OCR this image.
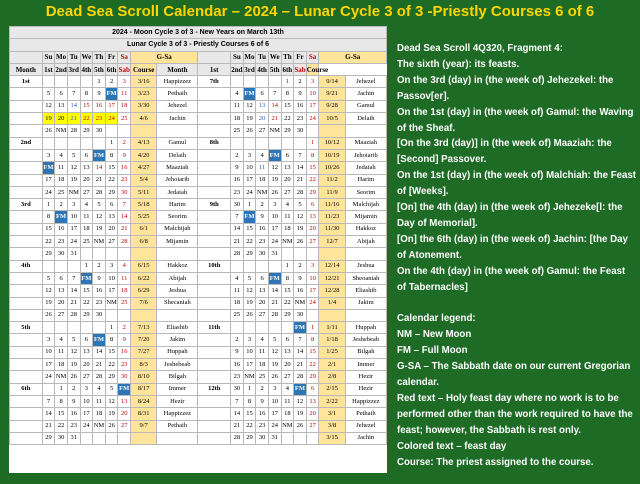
Dead Sea Scroll Calendar – 2024 – Lunar Cycle 3 of 3 -Priestly Courses 6 of 6
2024 - Moon Cycle 3 of 3 - New Years on March 13th																			
Lunar Cycle 3 of 3 - Priestly Courses 6 of 6																			
	Su	Mo	Tu	We	Th	Fr	Sa	G-Sa			Su	Mo	Tu	We	Th	Fr	Sa	G-Sa	
Month	1st	2nd	3rd	4th	5th	6th	Sab	Course	Month	1st	2nd	3rd	4th	5th	6th	Sab	Course		
1st					1	2	3	3/16	Happizzez	7th					1	2	3	9/14	Jehezel
	5	6	7	8	9	FM	11	3/23	Pethaih		4	FM	6	7	8	9	10	9/21	Jachin
	12	13	14	15	16	17	18	3/30	Jehezel		11	12	13	14	15	16	17	9/28	Gamul
	19	20	21	22	23	24	25	4/6	Jachin		18	19	20	21	22	23	24	10/5	Delaih
	26	NM	28	29	30						25	26	27	NM	29	30			
2nd						1	2	4/13	Gamul	8th							1	10/12	Maaziah
	3	4	5	6	FM	8	9	4/20	Delaih		2	3	4	FM	6	7	8	10/19	Jehoiarib
	FM	11	12	13	14	15	16	4/27	Maaziah		9	10	11	12	13	14	15	10/26	Jedaiah
	17	18	19	20	21	22	23	5/4	Jehoiarib		16	17	18	19	20	21	22	11/2	Harim
	24	25	NM	27	28	29	30	5/11	Jedaiah		23	24	NM	26	27	28	29	11/9	Seorim
3rd	1	2	3	4	5	6	7	5/18	Harim	9th	30	1	2	3	4	5	6	11/16	Malchijah
	8	FM	10	11	12	13	14	5/25	Seorim		7	FM	9	10	11	12	13	11/23	Mijamin
	15	16	17	18	19	20	21	6/1	Malchijah		14	15	16	17	18	19	20	11/30	Hakkoz
	22	23	24	25	NM	27	28	6/8	Mijamin		21	22	23	24	NM	26	27	12/7	Abijah
	29	30	31								28	29	30	31					
4th				1	2	3	4	6/15	Hakkoz	10th					1	2	3	12/14	Jeshua
	5	6	7	FM	9	10	11	6/22	Abijah		4	5	6	FM	8	9	10	12/21	Sheoaniah
	12	13	14	15	16	17	18	6/29	Jeshua		11	12	13	14	15	16	17	12/28	Eliashib
	19	20	21	22	23	NM	25	7/6	Shecaniah		18	19	20	21	22	NM	24	1/4	Jakim
	26	27	28	29	30						25	26	27	28	29	30			
5th						1	2	7/13	Eliashib	11th						FM	1	1/11	Huppah
	3	4	5	6	FM	8	9	7/20	Jakim		2	3	4	5	6	7	8	1/18	Jeshebeab
	10	11	12	13	14	15	16	7/27	Huppah		9	10	11	12	13	14	15	1/25	Bilgah
	17	18	19	20	21	22	23	8/3	Jeshebeab		16	17	18	19	20	21	22	2/1	Immer
	24	NM	26	27	28	29	30	8/10	Bilgah		23	NM	25	26	27	28	29	2/8	Hezir
6th		1	2	3	4	5	FM	8/17	Immer	12th	30	1	2	3	4	FM	6	2/15	Hezir
	7	8	9	10	11	12	13	8/24	Hezir		7	8	9	10	11	12	13	2/22	Happizzez
	14	15	16	17	18	19	20	8/31	Happizzez		14	15	16	17	18	19	20	3/1	Pethaih
	21	22	23	24	NM	26	27	9/7	Pethaih		21	22	23	24	NM	26	27	3/8	Jehezel
	29	30	31								28	29	30	31				3/15	Jachin

Dead Sea Scroll 4Q320, Fragment 4:

The sixth (year): its feasts.

On the 3rd (day) in (the week of) Jehezekel: the Passov[er].

On the 1st (day) in (the week of) Gamul: the Waving of the Sheaf.

[On the 3rd (day)] in (the week of) Maaziah: the [Second] Passover.

On the 1st (day) in (the week of) Malchiah: the Feast of [Weeks].

[On] the 4th (day) in (the week of) Jehezeke[l: the Day of Memorial].

[On] the 6th (day) in (the week of) Jachin: [the Day of Atonement.

On the 4th (day) in (the week of) Gamul: the Feast of Tabernacles]

Calendar legend:

NM – New Moon

FM – Full Moon

G-SA – The Sabbath date on our current Gregorian calendar.

Red text – Holy feast day where no work is to be performed other than the work required to have the feast; however, the Sabbath is rest only.

Colored text – feast day

Course: The priest assigned to the course.
